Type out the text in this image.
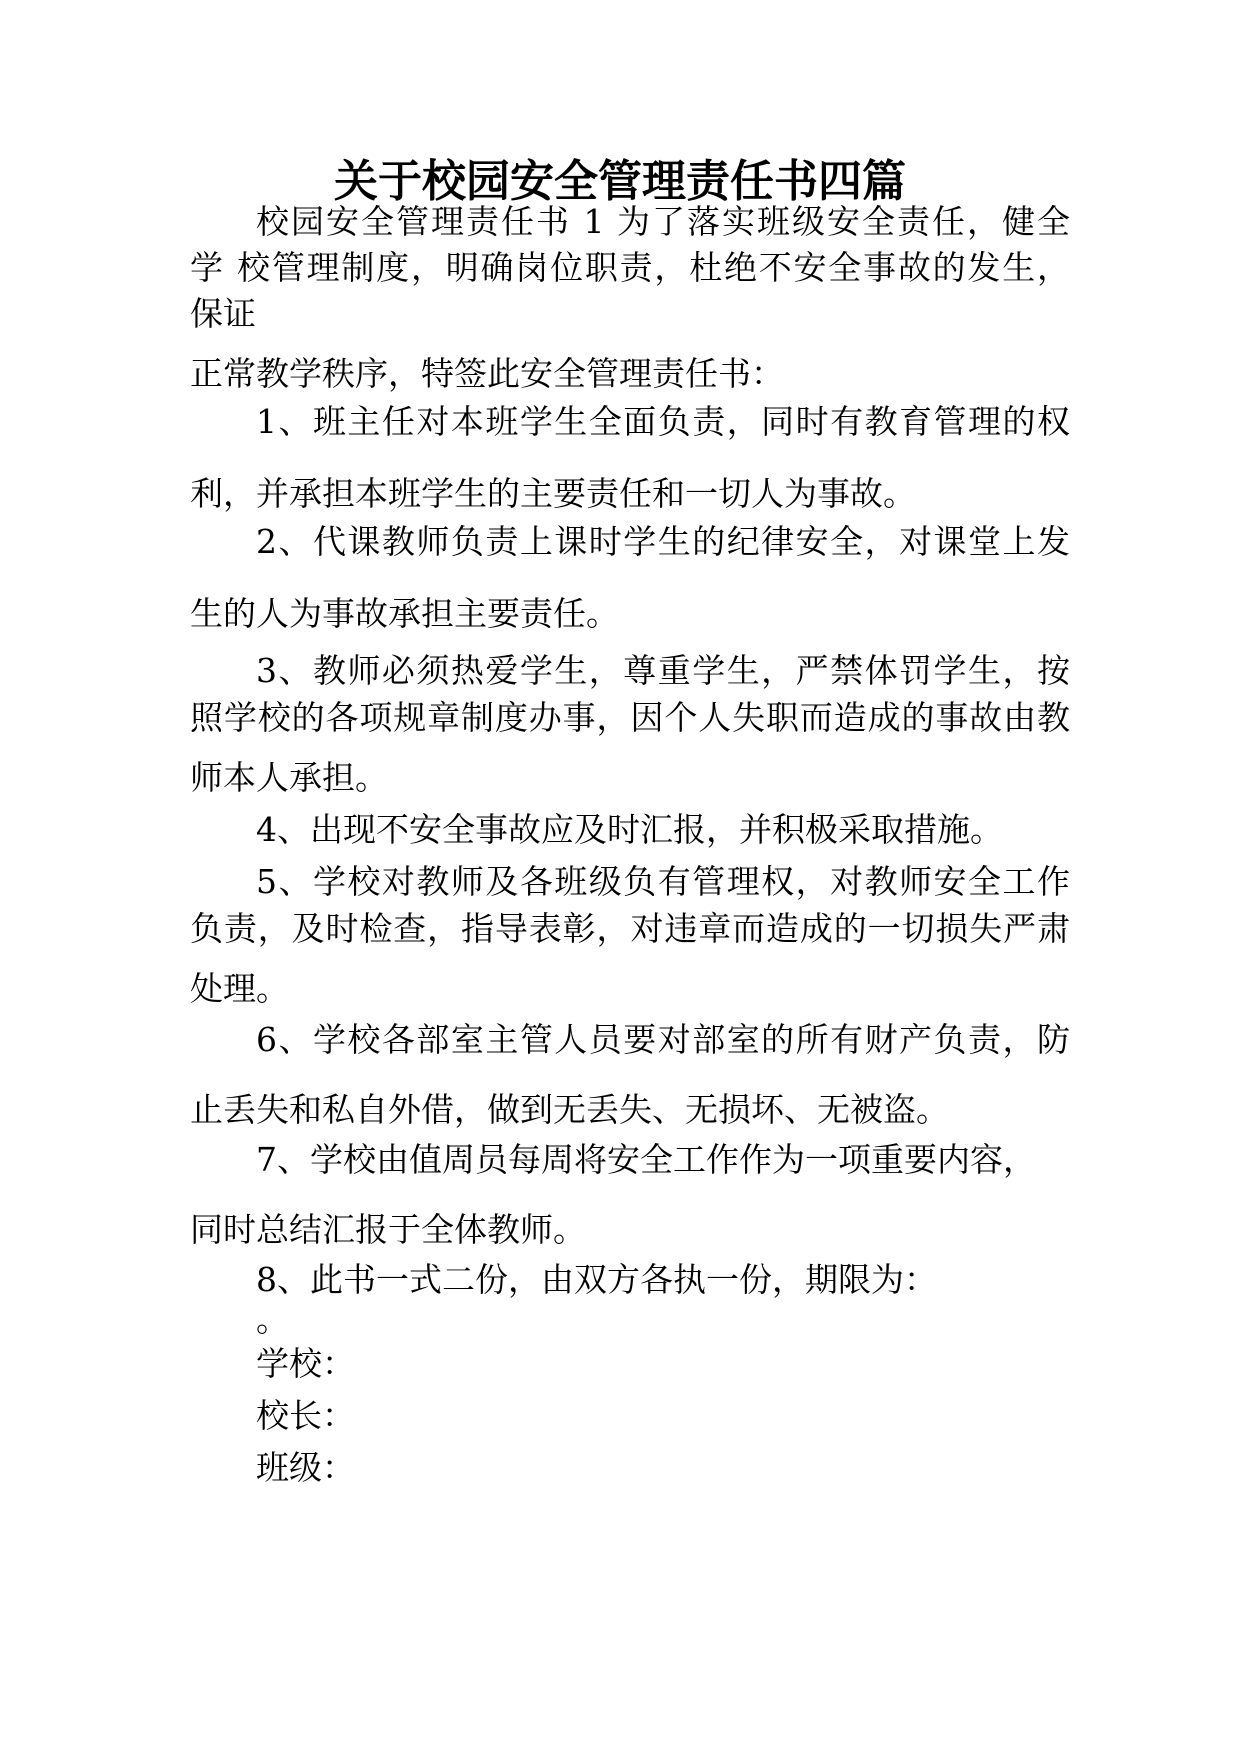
关于校园安全管理责任书四篇
校园安全管理责任书 1 为了落实班级安全责任，健全
学 校管理制度，明确岗位职责，杜绝不安全事故的发生，
保证
正常教学秩序，特签此安全管理责任书：
1、班主任对本班学生全面负责，同时有教育管理的权
利，并承担本班学生的主要责任和一切人为事故。
2、代课教师负责上课时学生的纪律安全，对课堂上发
生的人为事故承担主要责任。
3、教师必须热爱学生，尊重学生，严禁体罚学生，按
照学校的各项规章制度办事，因个人失职而造成的事故由教
师本人承担。
4、出现不安全事故应及时汇报，并积极采取措施。
5、学校对教师及各班级负有管理权，对教师安全工作
负责，及时检查，指导表彰，对违章而造成的一切损失严肃
处理。
6、学校各部室主管人员要对部室的所有财产负责，防
止丢失和私自外借，做到无丢失、无损坏、无被盗。
7、学校由值周员每周将安全工作作为一项重要内容，
同时总结汇报于全体教师。
8、此书一式二份，由双方各执一份，期限为：
。
学校：
校长：
班级：
